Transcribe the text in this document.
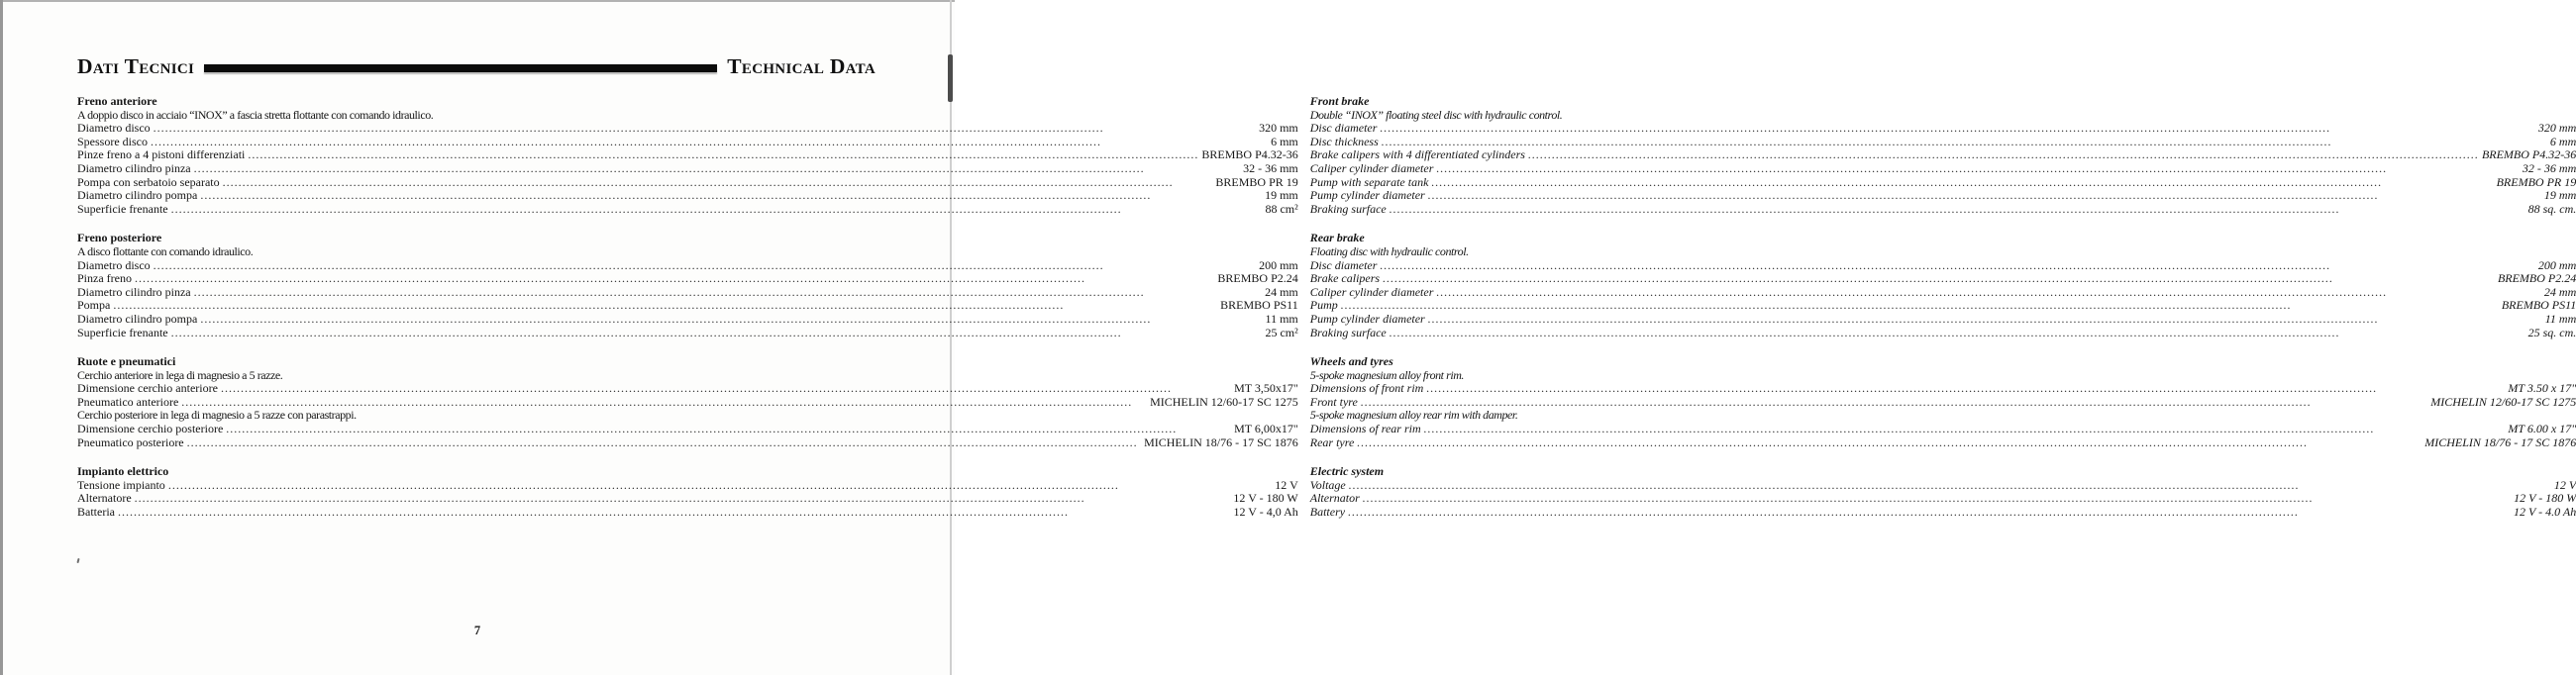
Dati Tecnici	Technical Data
Freno anteriore
A doppio disco in acciaio “INOX” a fascia stretta flottante con comando idraulico.
Diametro disco .....	320 mm
Spessore disco .....	6 mm
Pinze freno a 4 pistoni differenziati .....	BREMBO P4.32-36
Diametro cilindro pinza .....	32 - 36 mm
Pompa con serbatoio separato .....	BREMBO PR 19
Diametro cilindro pompa .....	19 mm
Superficie frenante .....	88 cm²
Freno posteriore
A disco flottante con comando idraulico.
Diametro disco .....	200 mm
Pinza freno .....	BREMBO P2.24
Diametro cilindro pinza .....	24 mm
Pompa .....	BREMBO PS11
Diametro cilindro pompa .....	11 mm
Superficie frenante .....	25 cm²
Ruote e pneumatici
Cerchio anteriore in lega di magnesio a 5 razze.
Dimensione cerchio anteriore .....	MT 3,50x17"
Pneumatico anteriore .....	MICHELIN 12/60-17 SC 1275
Cerchio posteriore in lega di magnesio a 5 razze con parastrappi.
Dimensione cerchio posteriore .....	MT 6,00x17"
Pneumatico posteriore .....	MICHELIN 18/76 - 17 SC 1876
Impianto elettrico
Tensione impianto .....	12 V
Alternatore .....	12 V - 180 W
Batteria .....	12 V - 4,0 Ah
Front brake
Double “INOX” floating steel disc with hydraulic control.
Disc diameter .....	320 mm
Disc thickness .....	6 mm
Brake calipers with 4 differentiated cylinders .....	BREMBO P4.32-36
Caliper cylinder diameter .....	32 - 36 mm
Pump with separate tank .....	BREMBO PR 19
Pump cylinder diameter .....	19 mm
Braking surface .....	88 sq. cm.
Rear brake
Floating disc with hydraulic control.
Disc diameter .....	200 mm
Brake calipers .....	BREMBO P2.24
Caliper cylinder diameter .....	24 mm
Pump .....	BREMBO PS11
Pump cylinder diameter .....	11 mm
Braking surface .....	25 sq. cm.
Wheels and tyres
5-spoke magnesium alloy front rim.
Dimensions of front rim .....	MT 3.50 x 17"
Front tyre .....	MICHELIN 12/60-17 SC 1275
5-spoke magnesium alloy rear rim with damper.
Dimensions of rear rim .....	MT 6.00 x 17"
Rear tyre .....	MICHELIN 18/76 - 17 SC 1876
Electric system
Voltage .....	12 V
Alternator .....	12 V - 180 W
Battery .....	12 V - 4.0 Ah
7
